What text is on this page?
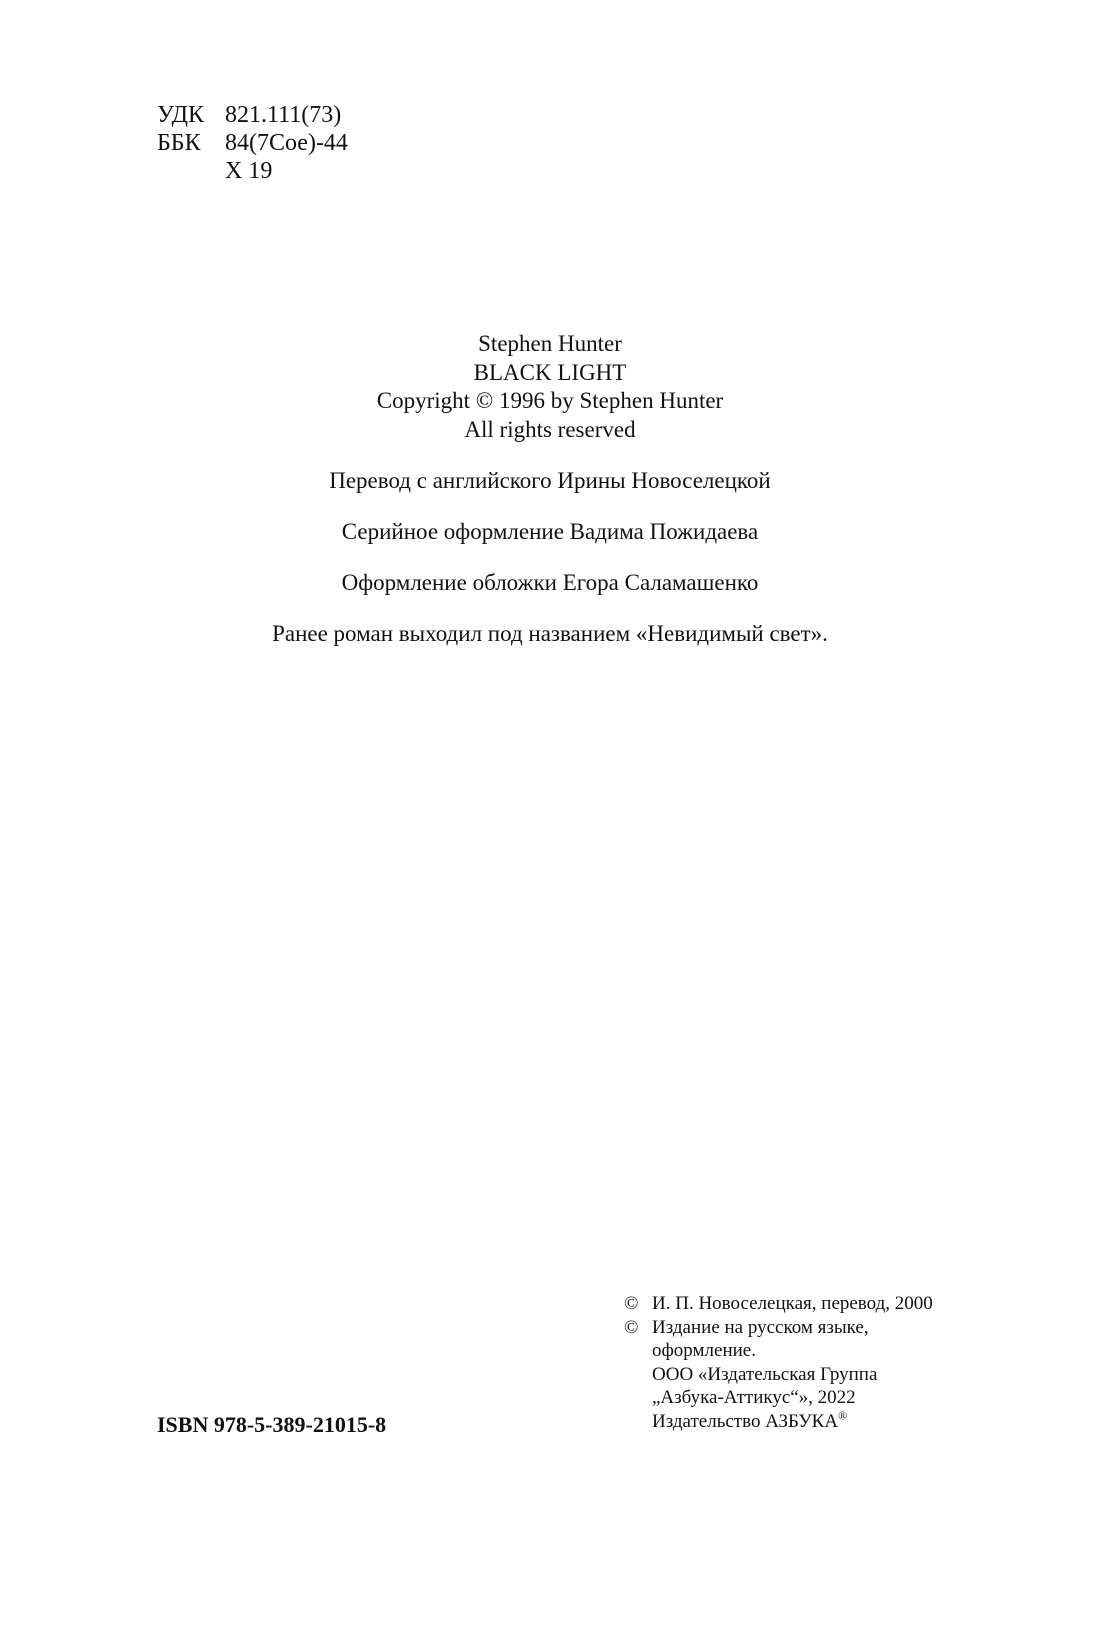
УДК 821.111(73)
ББК	84(7Сое)-44
Х 19
Stephen Hunter
BLACK LIGHT
Copyright © 1996 by Stephen Hunter
All rights reserved
Перевод с английского Ирины Новоселецкой
Серийное оформление Вадима Пожидаева
Оформление обложки Егора Саламашенко
Ранее роман выходил под названием «Невидимый свет».
ISBN 978-5-389-21015-8
© И. П. Новоселецкая, перевод, 2000
© Издание на русском языке,
оформление.
ООО «Издательская Группа
„Азбука-Аттикус“», 2022
Издательство АЗБУКА®
